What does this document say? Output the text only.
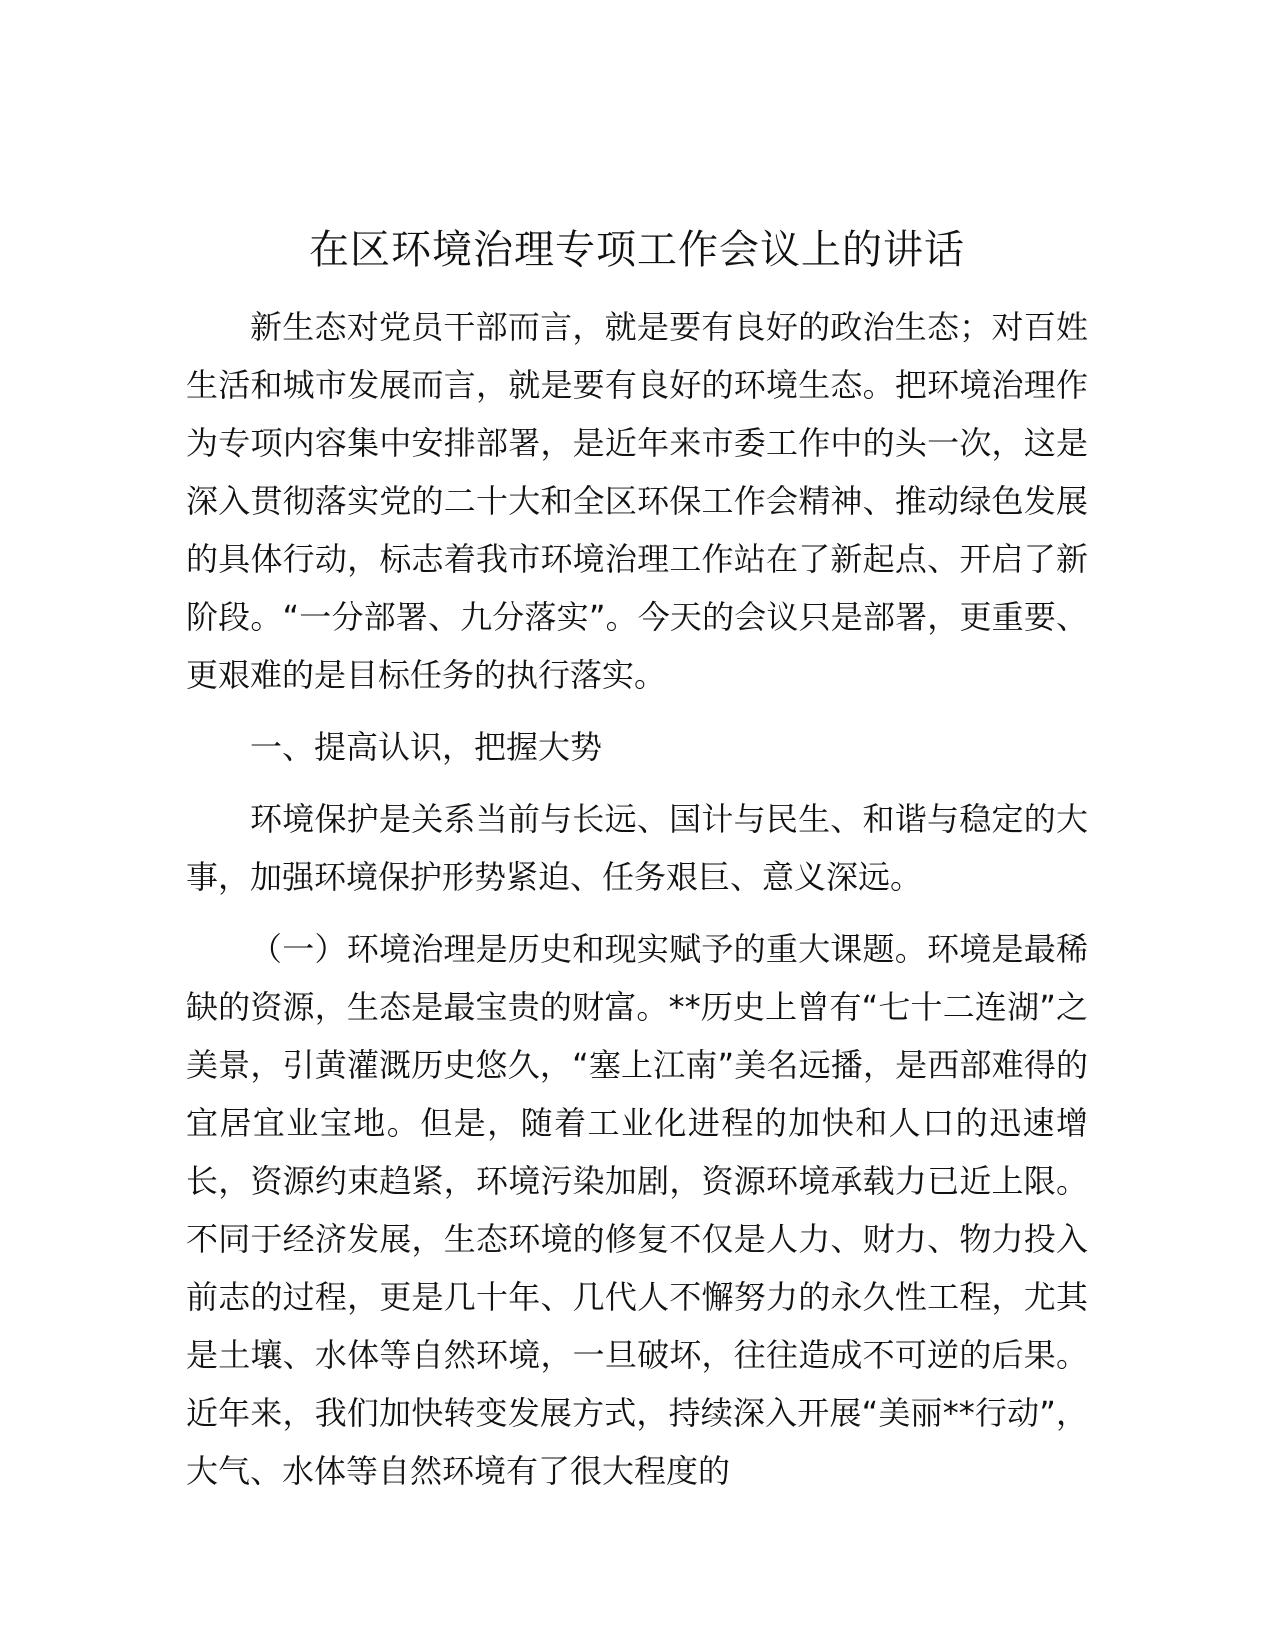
在区环境治理专项工作会议上的讲话

新生态对党员干部而言，就是要有良好的政治生态；对百姓生活和城市发展而言，就是要有良好的环境生态。把环境治理作为专项内容集中安排部署，是近年来市委工作中的头一次，这是深入贯彻落实党的二十大和全区环保工作会精神、推动绿色发展的具体行动，标志着我市环境治理工作站在了新起点、开启了新阶段。“一分部署、九分落实”。今天的会议只是部署，更重要、更艰难的是目标任务的执行落实。

一、提高认识，把握大势

环境保护是关系当前与长远、国计与民生、和谐与稳定的大事，加强环境保护形势紧迫、任务艰巨、意义深远。

（一）环境治理是历史和现实赋予的重大课题。环境是最稀缺的资源，生态是最宝贵的财富。**历史上曾有“七十二连湖”之美景，引黄灌溉历史悠久，“塞上江南”美名远播，是西部难得的宜居宜业宝地。但是，随着工业化进程的加快和人口的迅速增长，资源约束趋紧，环境污染加剧，资源环境承载力已近上限。不同于经济发展，生态环境的修复不仅是人力、财力、物力投入前志的过程，更是几十年、几代人不懈努力的永久性工程，尤其是土壤、水体等自然环境，一旦破坏，往往造成不可逆的后果。近年来，我们加快转变发展方式，持续深入开展“美丽**行动”，大气、水体等自然环境有了很大程度的
